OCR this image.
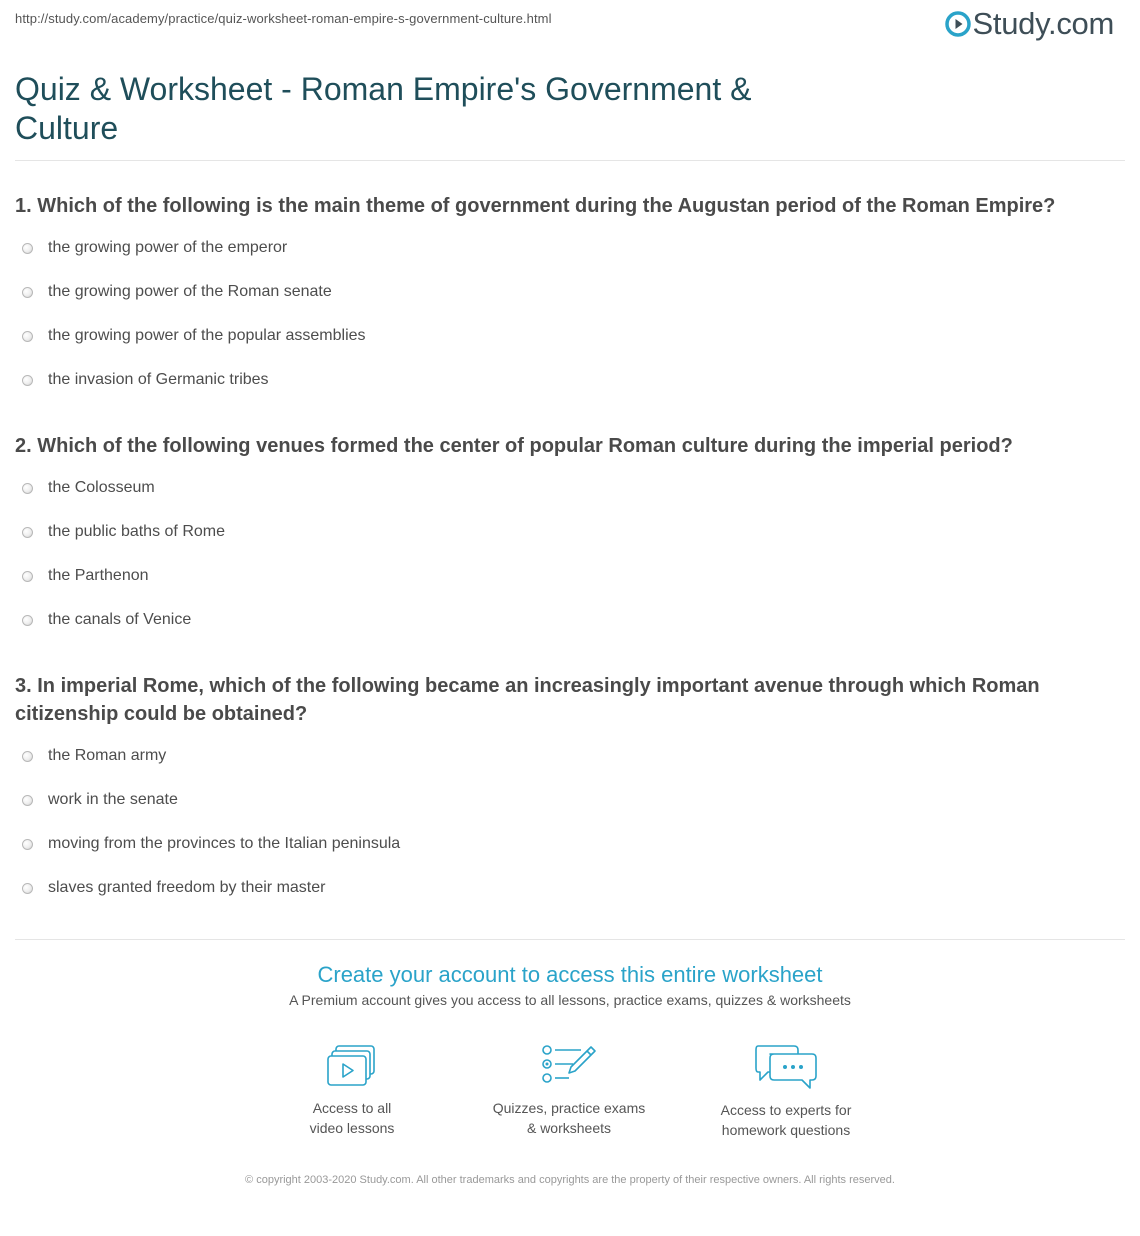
http://study.com/academy/practice/quiz-worksheet-roman-empire-s-government-culture.html	Study.com
Quiz & Worksheet - Roman Empire's Government & Culture
1. Which of the following is the main theme of government during the Augustan period of the Roman Empire?
the growing power of the emperor
the growing power of the Roman senate
the growing power of the popular assemblies
the invasion of Germanic tribes
2. Which of the following venues formed the center of popular Roman culture during the imperial period?
the Colosseum
the public baths of Rome
the Parthenon
the canals of Venice
3. In imperial Rome, which of the following became an increasingly important avenue through which Roman citizenship could be obtained?
the Roman army
work in the senate
moving from the provinces to the Italian peninsula
slaves granted freedom by their master
Create your account to access this entire worksheet
A Premium account gives you access to all lessons, practice exams, quizzes & worksheets
Access to all
video lessons
Quizzes, practice exams
& worksheets
Access to experts for
homework questions
© copyright 2003-2020 Study.com. All other trademarks and copyrights are the property of their respective owners. All rights reserved.
